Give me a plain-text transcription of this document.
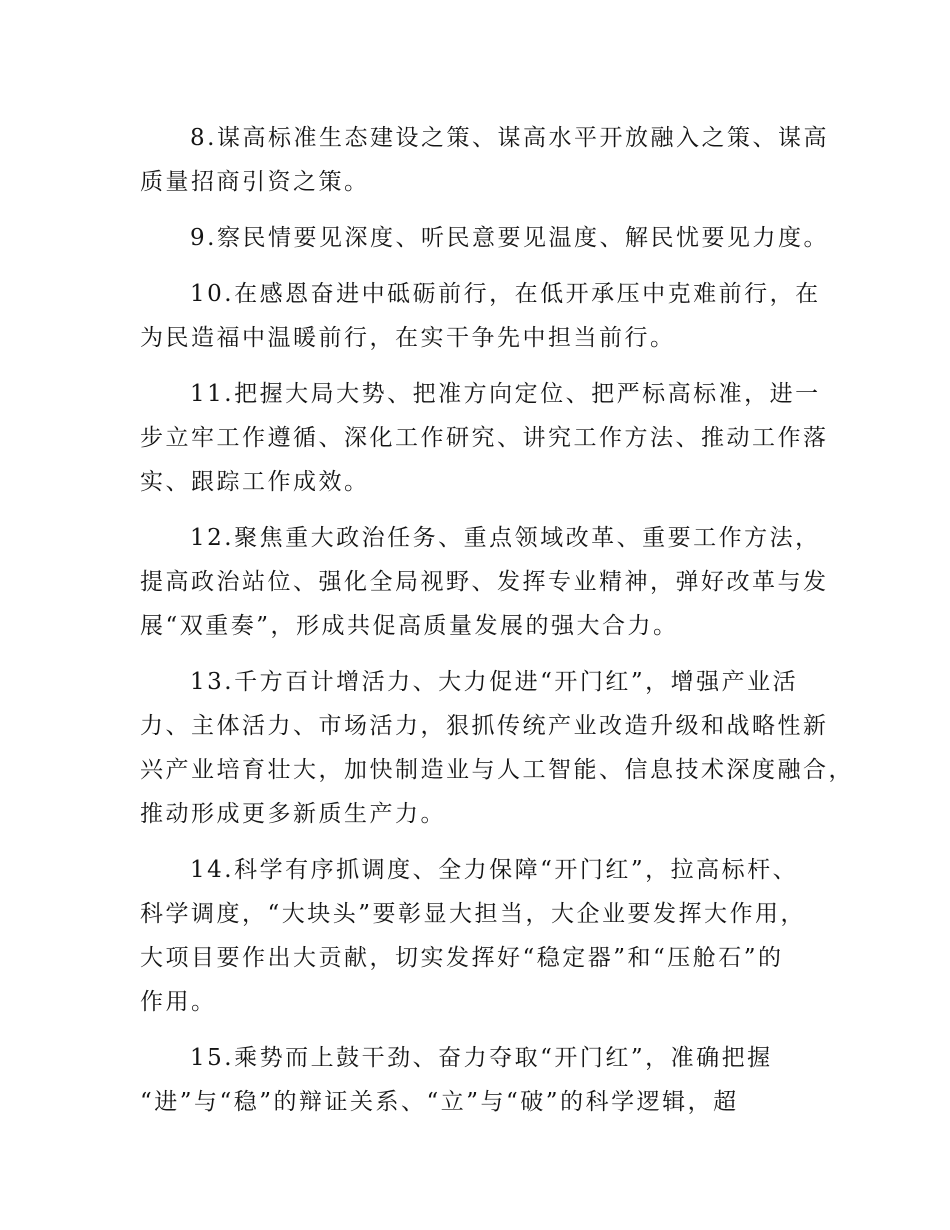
8.谋高标准生态建设之策、谋高水平开放融入之策、谋高
质量招商引资之策。

9.察民情要见深度、听民意要见温度、解民忧要见力度。

10.在感恩奋进中砥砺前行，在低开承压中克难前行，在
为民造福中温暖前行，在实干争先中担当前行。

11.把握大局大势、把准方向定位、把严标高标准，进一
步立牢工作遵循、深化工作研究、讲究工作方法、推动工作落
实、跟踪工作成效。

12.聚焦重大政治任务、重点领域改革、重要工作方法，
提高政治站位、强化全局视野、发挥专业精神，弹好改革与发
展“双重奏”，形成共促高质量发展的强大合力。

13.千方百计增活力、大力促进“开门红”，增强产业活
力、主体活力、市场活力，狠抓传统产业改造升级和战略性新
兴产业培育壮大，加快制造业与人工智能、信息技术深度融合，
推动形成更多新质生产力。

14.科学有序抓调度、全力保障“开门红”，拉高标杆、
科学调度，“大块头”要彰显大担当，大企业要发挥大作用，
大项目要作出大贡献，切实发挥好“稳定器”和“压舱石”的
作用。

15.乘势而上鼓干劲、奋力夺取“开门红”，准确把握
“进”与“稳”的辩证关系、“立”与“破”的科学逻辑，超
